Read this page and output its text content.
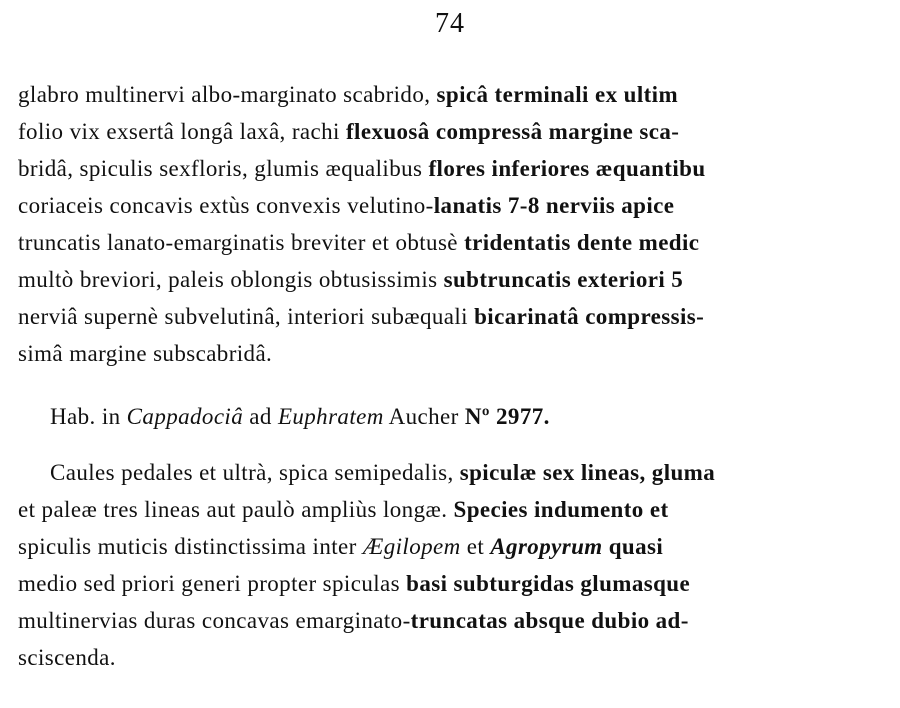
74
glabro multinervi albo-marginato scabrido, spicâ terminali ex ultim
folio vix exsertâ longâ laxâ, rachi flexuosâ compressâ margine sca-
bridâ, spiculis sexfloris, glumis æqualibus flores inferiores æquantibu
coriaceis concavis extùs convexis velutino-lanatis 7-8 nerviis apice
truncatis lanato-emarginatis breviter et obtusè tridentatis dente medic
multò breviori, paleis oblongis obtusissimis subtruncatis exteriori 5
nerviâ supernè subvelutinâ, interiori subæquali bicarinatâ compressis-
simâ margine subscabridâ.
Hab. in Cappadociâ ad Euphratem Aucher Nº 2977.
Caules pedales et ultrà, spica semipedalis, spiculæ sex lineas, gluma
et paleæ tres lineas aut paulò ampliùs longæ. Species indumento et
spiculis muticis distinctissima inter Ægilopem et Agropyrum quasi
medio sed priori generi propter spiculas basi subturgidas glumasque
multinervias duras concavas emarginato-truncatas absque dubio ad-
sciscenda.
